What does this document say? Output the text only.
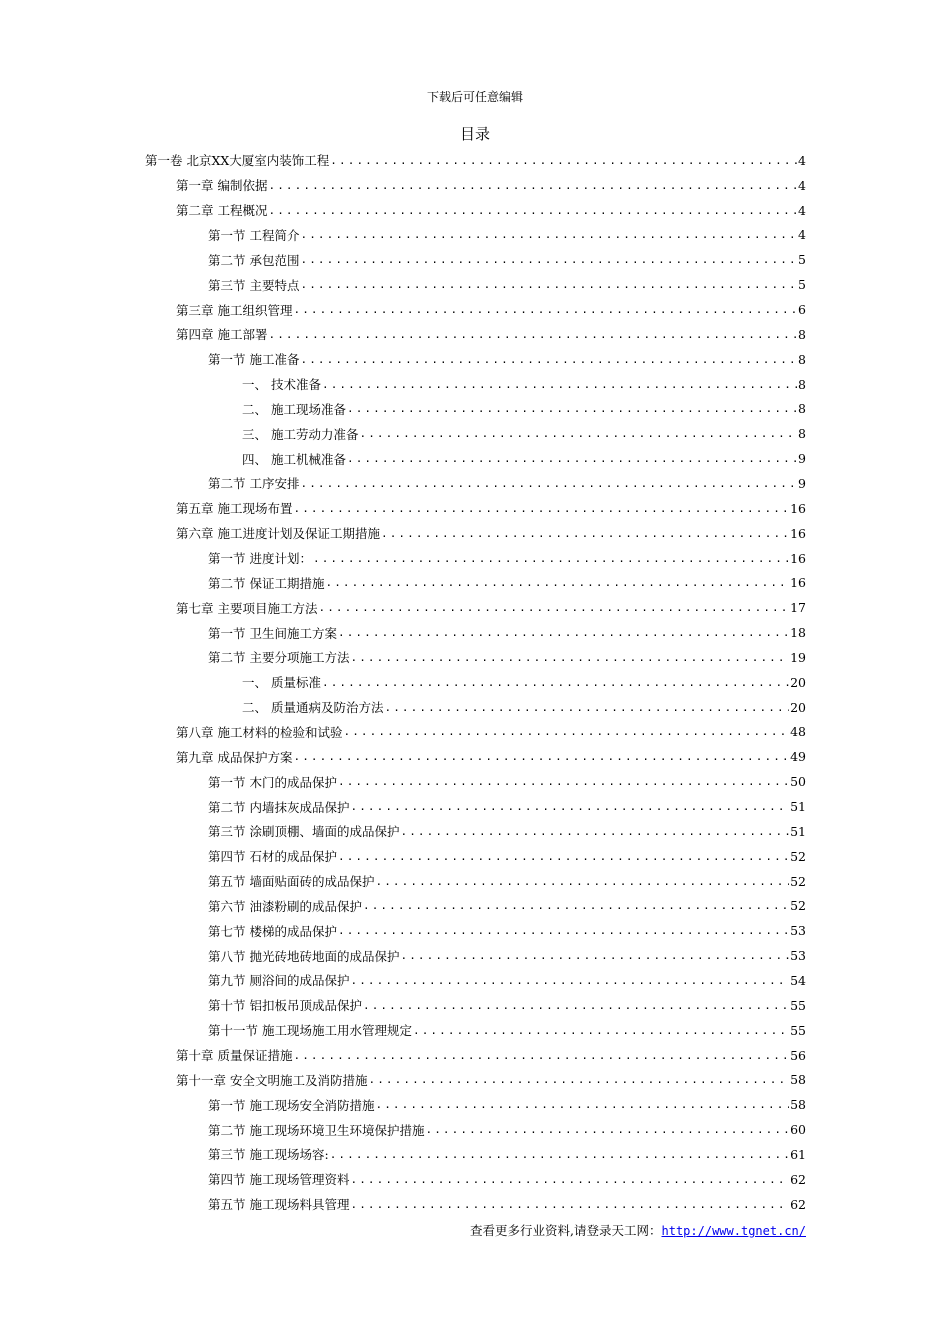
下载后可任意编辑
目录
第一卷 北京XX大厦室内装饰工程 .....	4
第一章 编制依据 .....	4
第二章 工程概况 .....	4
第一节 工程简介 .....	4
第二节 承包范围 .....	5
第三节 主要特点 .....	5
第三章 施工组织管理 .....	6
第四章 施工部署 .....	8
第一节 施工准备 .....	8
一、 技术准备 .....	8
二、 施工现场准备 .....	8
三、 施工劳动力准备 .....	8
四、 施工机械准备 .....	9
第二节 工序安排 .....	9
第五章 施工现场布置 .....	16
第六章 施工进度计划及保证工期措施 .....	16
第一节 进度计划： .....	16
第二节 保证工期措施 .....	16
第七章 主要项目施工方法 .....	17
第一节 卫生间施工方案 .....	18
第二节 主要分项施工方法 .....	19
一、 质量标准 .....	20
二、 质量通病及防治方法 .....	20
第八章 施工材料的检验和试验 .....	48
第九章 成品保护方案 .....	49
第一节 木门的成品保护 .....	50
第二节 内墙抹灰成品保护 .....	51
第三节 涂刷顶棚、墙面的成品保护 .....	51
第四节 石材的成品保护 .....	52
第五节 墙面贴面砖的成品保护 .....	52
第六节 油漆粉刷的成品保护 .....	52
第七节 楼梯的成品保护 .....	53
第八节 抛光砖地砖地面的成品保护 .....	53
第九节 厕浴间的成品保护 .....	54
第十节 铝扣板吊顶成品保护 .....	55
第十一节 施工现场施工用水管理规定 .....	55
第十章 质量保证措施 .....	56
第十一章 安全文明施工及消防措施 .....	58
第一节 施工现场安全消防措施 .....	58
第二节 施工现场环境卫生环境保护措施 .....	60
第三节 施工现场场容: .....	61
第四节 施工现场管理资料 .....	62
第五节 施工现场料具管理 .....	62
查看更多行业资料,请登录天工网：http://www.tgnet.cn/
